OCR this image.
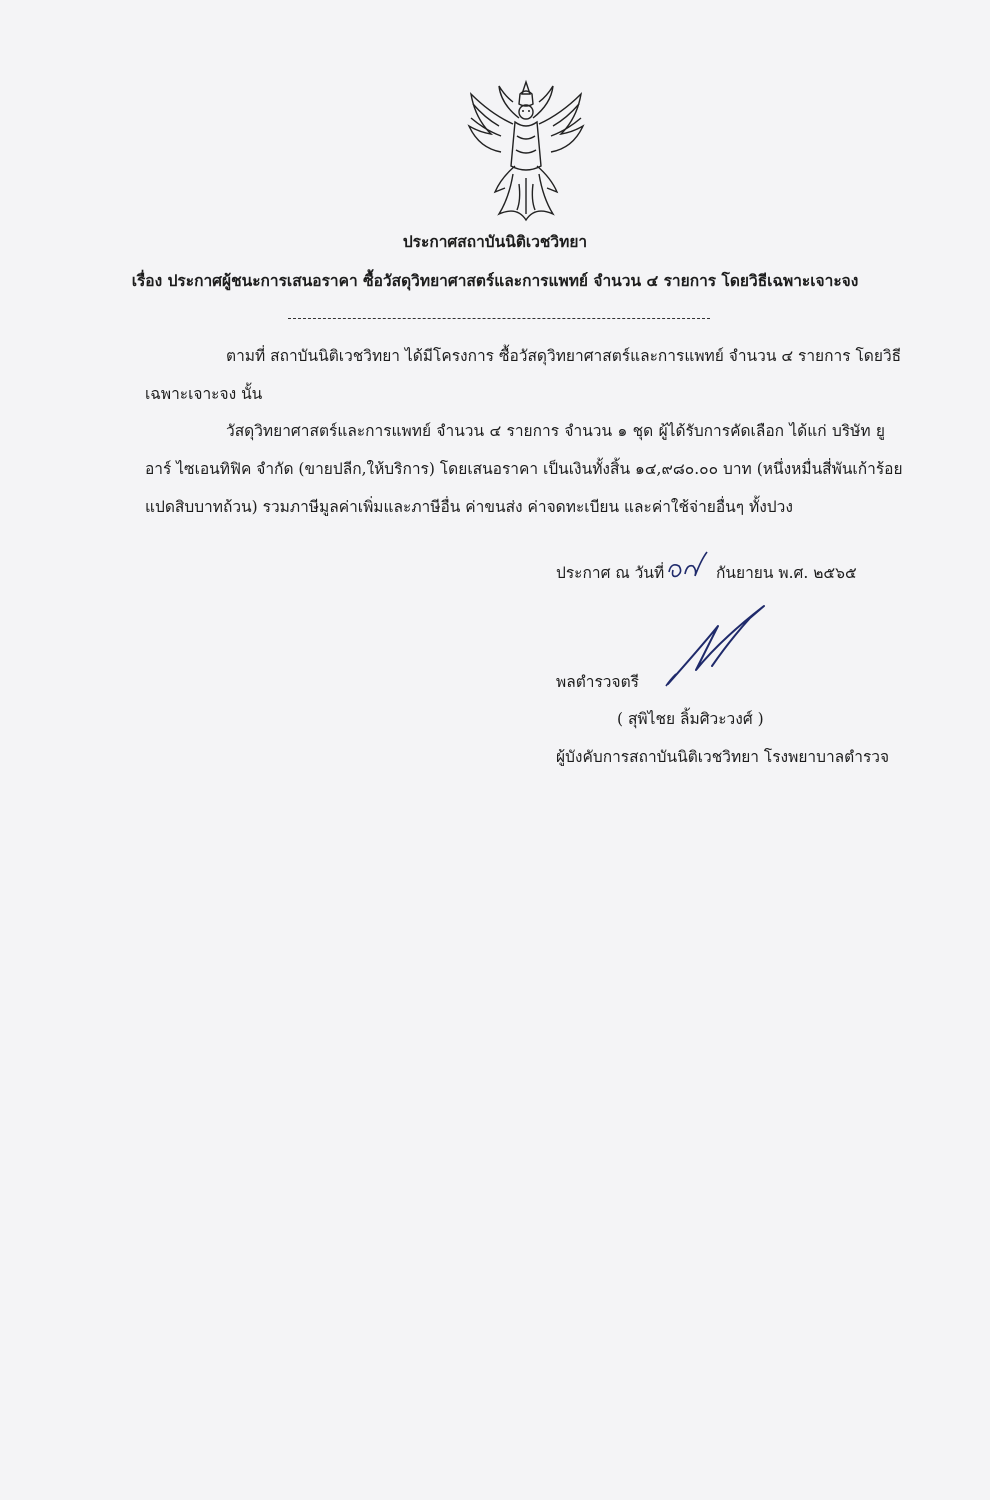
ประกาศสถาบันนิติเวชวิทยา
เรื่อง ประกาศผู้ชนะการเสนอราคา ซื้อวัสดุวิทยาศาสตร์และการแพทย์ จำนวน ๔ รายการ โดยวิธีเฉพาะเจาะจง
ตามที่ สถาบันนิติเวชวิทยา ได้มีโครงการ ซื้อวัสดุวิทยาศาสตร์และการแพทย์ จำนวน ๔ รายการ โดยวิธี
เฉพาะเจาะจง นั้น
วัสดุวิทยาศาสตร์และการแพทย์ จำนวน ๔ รายการ จำนวน ๑ ชุด ผู้ได้รับการคัดเลือก ได้แก่ บริษัท ยู
อาร์ ไซเอนทิฟิค จำกัด (ขายปลีก,ให้บริการ) โดยเสนอราคา เป็นเงินทั้งสิ้น ๑๔,๙๘๐.๐๐ บาท (หนึ่งหมื่นสี่พันเก้าร้อย
แปดสิบบาทถ้วน) รวมภาษีมูลค่าเพิ่มและภาษีอื่น ค่าขนส่ง ค่าจดทะเบียน และค่าใช้จ่ายอื่นๆ ทั้งปวง
ประกาศ ณ วันที่	กันยายน พ.ศ. ๒๕๖๕
พลตำรวจตรี
( สุพิไชย ลิ้มศิวะวงศ์ )
ผู้บังคับการสถาบันนิติเวชวิทยา โรงพยาบาลตำรวจ
